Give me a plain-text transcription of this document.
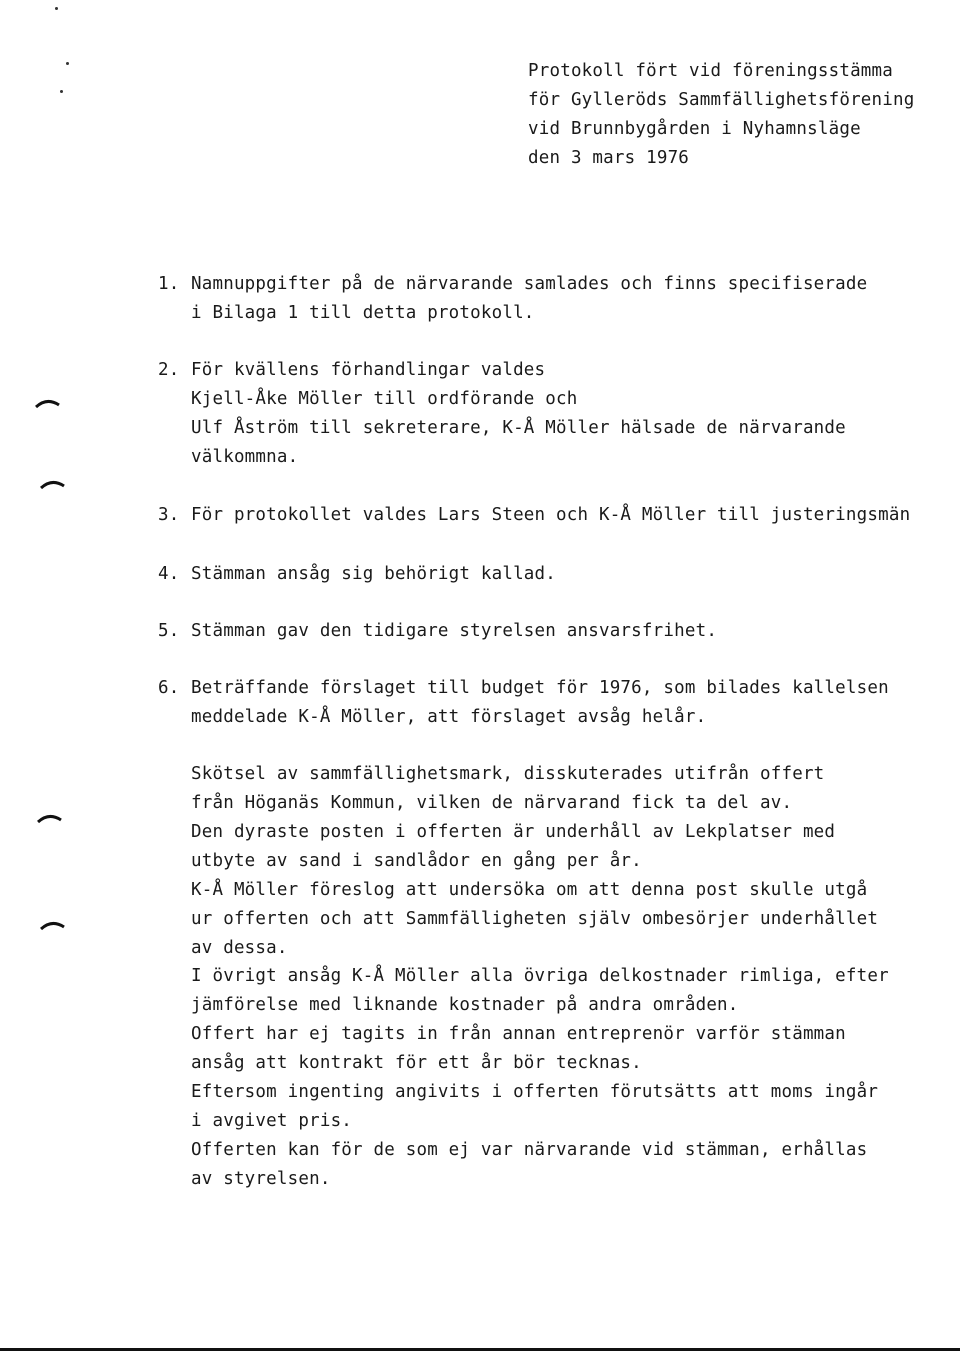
Protokoll fört vid föreningsstämma
för Gylleröds Sammfällighetsförening
vid Brunnbygården i Nyhamnsläge
den 3 mars 1976
1. Namnuppgifter på de närvarande samlades och finns specifiserade
i Bilaga 1 till detta protokoll.
2. För kvällens förhandlingar valdes
Kjell-Åke Möller till ordförande och
Ulf Åström till sekreterare, K-Å Möller hälsade de närvarande
välkommna.
3. För protokollet valdes Lars Steen och K-Å Möller till justeringsmän
4. Stämman ansåg sig behörigt kallad.
5. Stämman gav den tidigare styrelsen ansvarsfrihet.
6. Beträffande förslaget till budget för 1976, som bilades kallelsen
meddelade K-Å Möller, att förslaget avsåg helår.
Skötsel av sammfällighetsmark, disskuterades utifrån offert
från Höganäs Kommun, vilken de närvarand fick ta del av.
Den dyraste posten i offerten är underhåll av Lekplatser med
utbyte av sand i sandlådor en gång per år.
K-Å Möller föreslog att undersöka om att denna post skulle utgå
ur offerten och att Sammfälligheten själv ombesörjer underhållet
av dessa.
I övrigt ansåg K-Å Möller alla övriga delkostnader rimliga, efter
jämförelse med liknande kostnader på andra områden.
Offert har ej tagits in från annan entreprenör varför stämman
ansåg att kontrakt för ett år bör tecknas.
Eftersom ingenting angivits i offerten förutsätts att moms ingår
i avgivet pris.
Offerten kan för de som ej var närvarande vid stämman, erhållas
av styrelsen.
